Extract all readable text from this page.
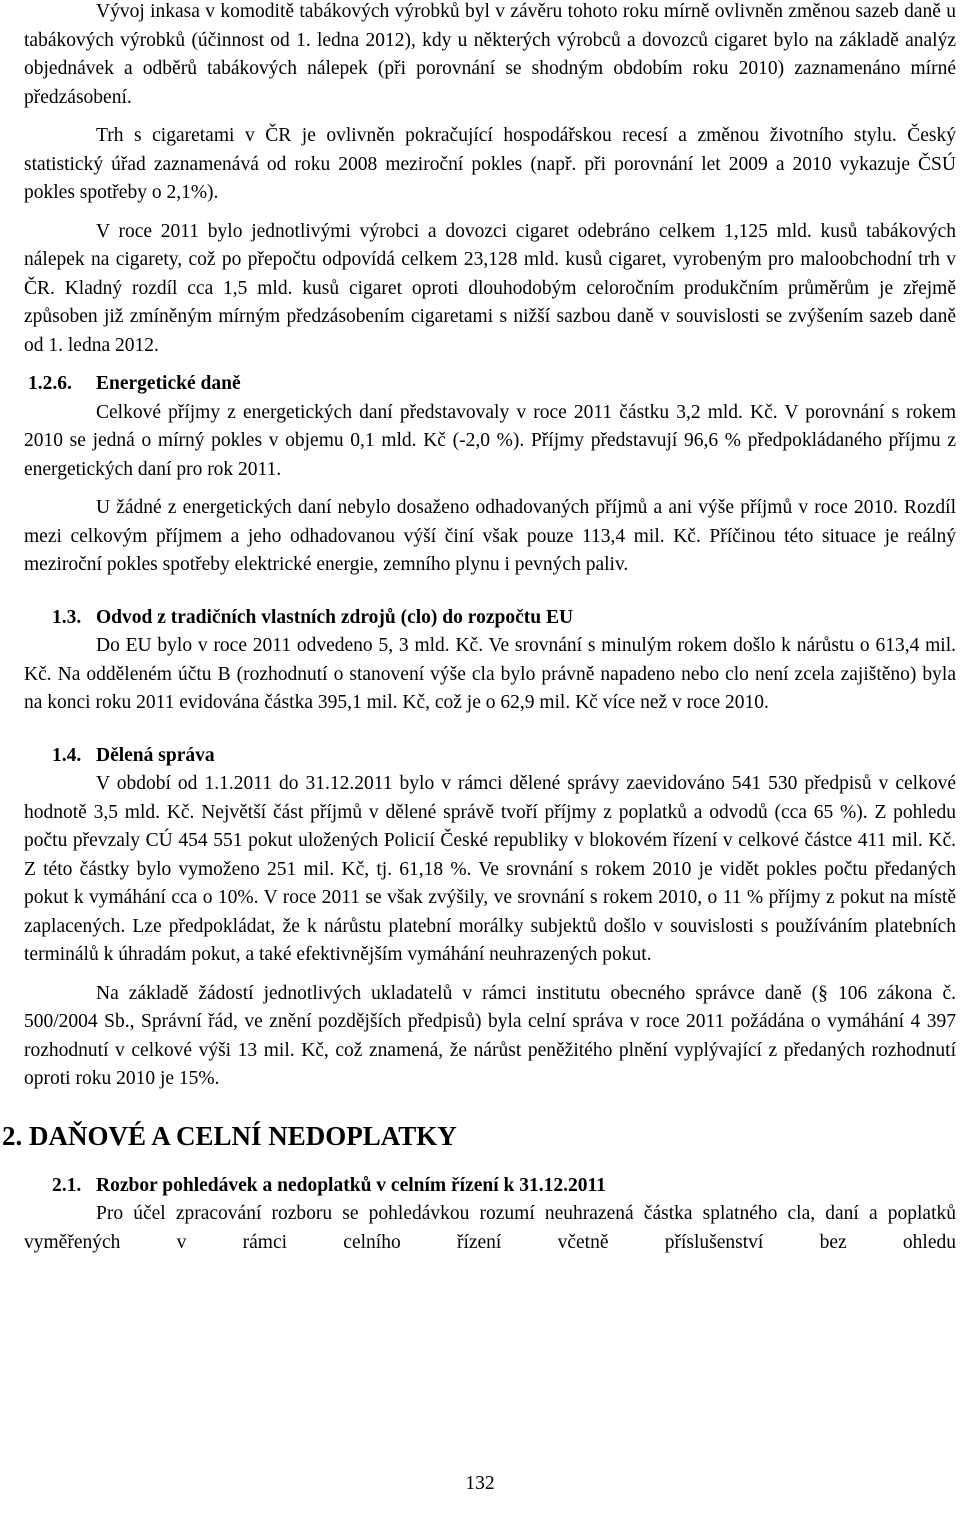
Vývoj inkasa v komoditě tabákových výrobků byl v závěru tohoto roku mírně ovlivněn změnou sazeb daně u tabákových výrobků (účinnost od 1. ledna 2012), kdy u některých výrobců a dovozců cigaret bylo na základě analýz objednávek a odběrů tabákových nálepek (při porovnání se shodným obdobím roku 2010) zaznamenáno mírné předzásobení.

Trh s cigaretami v ČR je ovlivněn pokračující hospodářskou recesí a změnou životního stylu. Český statistický úřad zaznamenává od roku 2008 meziroční pokles (např. při porovnání let 2009 a 2010 vykazuje ČSÚ pokles spotřeby o 2,1%).

V roce 2011 bylo jednotlivými výrobci a dovozci cigaret odebráno celkem 1,125 mld. kusů tabákových nálepek na cigarety, což po přepočtu odpovídá celkem 23,128 mld. kusů cigaret, vyrobeným pro maloobchodní trh v ČR. Kladný rozdíl cca 1,5 mld. kusů cigaret oproti dlouhodobým celoročním produkčním průměrům je zřejmě způsoben již zmíněným mírným předzásobením cigaretami s nižší sazbou daně v souvislosti se zvýšením sazeb daně od 1. ledna 2012.

1.2.6. Energetické daně

Celkové příjmy z energetických daní představovaly v roce 2011 částku 3,2 mld. Kč. V porovnání s rokem 2010 se jedná o mírný pokles v objemu 0,1 mld. Kč (-2,0 %). Příjmy představují 96,6 % předpokládaného příjmu z energetických daní pro rok 2011.

U žádné z energetických daní nebylo dosaženo odhadovaných příjmů a ani výše příjmů v roce 2010. Rozdíl mezi celkovým příjmem a jeho odhadovanou výší činí však pouze 113,4 mil. Kč. Příčinou této situace je reálný meziroční pokles spotřeby elektrické energie, zemního plynu i pevných paliv.

1.3. Odvod z tradičních vlastních zdrojů (clo) do rozpočtu EU

Do EU bylo v roce 2011 odvedeno 5, 3 mld. Kč. Ve srovnání s minulým rokem došlo k nárůstu o 613,4 mil. Kč. Na odděleném účtu B (rozhodnutí o stanovení výše cla bylo právně napadeno nebo clo není zcela zajištěno) byla na konci roku 2011 evidována částka 395,1 mil. Kč, což je o 62,9 mil. Kč více než v roce 2010.

1.4. Dělená správa

V období od 1.1.2011 do 31.12.2011 bylo v rámci dělené správy zaevidováno 541 530 předpisů v celkové hodnotě 3,5 mld. Kč. Největší část příjmů v dělené správě tvoří příjmy z poplatků a odvodů (cca 65 %). Z pohledu počtu převzaly CÚ 454 551 pokut uložených Policií České republiky v blokovém řízení v celkové částce 411 mil. Kč. Z této částky bylo vymoženo 251 mil. Kč, tj. 61,18 %. Ve srovnání s rokem 2010 je vidět pokles počtu předaných pokut k vymáhání cca o 10%. V roce 2011 se však zvýšily, ve srovnání s rokem 2010, o 11 % příjmy z pokut na místě zaplacených. Lze předpokládat, že k nárůstu platební morálky subjektů došlo v souvislosti s používáním platebních terminálů k úhradám pokut, a také efektivnějším vymáhání neuhrazených pokut.

Na základě žádostí jednotlivých ukladatelů v rámci institutu obecného správce daně (§ 106 zákona č. 500/2004 Sb., Správní řád, ve znění pozdějších předpisů) byla celní správa v roce 2011 požádána o vymáhání 4 397 rozhodnutí v celkové výši 13 mil. Kč, což znamená, že nárůst peněžitého plnění vyplývající z předaných rozhodnutí oproti roku 2010 je 15%.

2. DAŇOVÉ A CELNÍ NEDOPLATKY
2.1. Rozbor pohledávek a nedoplatků v celním řízení k 31.12.2011

Pro účel zpracování rozboru se pohledávkou rozumí neuhrazená částka splatného cla, daní a poplatků vyměřených v rámci celního řízení včetně příslušenství bez ohledu

132
